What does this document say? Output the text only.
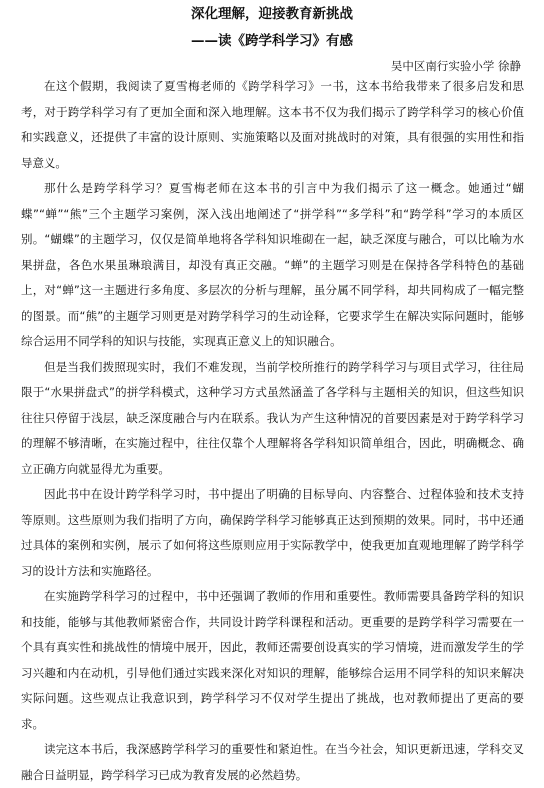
深化理解，迎接教育新挑战
——读《跨学科学习》有感
吴中区南行实验小学 徐静

在这个假期，我阅读了夏雪梅老师的《跨学科学习》一书，这本书给我带来了很多启发和思考，对于跨学科学习有了更加全面和深入地理解。这本书不仅为我们揭示了跨学科学习的核心价值和实践意义，还提供了丰富的设计原则、实施策略以及面对挑战时的对策，具有很强的实用性和指导意义。

那什么是跨学科学习？夏雪梅老师在这本书的引言中为我们揭示了这一概念。她通过“蝴蝶”“蝉”“熊”三个主题学习案例，深入浅出地阐述了“拼学科”“多学科”和“跨学科”学习的本质区别。“蝴蝶”的主题学习，仅仅是简单地将各学科知识堆砌在一起，缺乏深度与融合，可以比喻为水果拼盘，各色水果虽琳琅满目，却没有真正交融。“蝉”的主题学习则是在保持各学科特色的基础上，对“蝉”这一主题进行多角度、多层次的分析与理解，虽分属不同学科，却共同构成了一幅完整的图景。而“熊”的主题学习则更是对跨学科学习的生动诠释，它要求学生在解决实际问题时，能够综合运用不同学科的知识与技能，实现真正意义上的知识融合。

但是当我们拨照现实时，我们不难发现，当前学校所推行的跨学科学习与项目式学习，往往局限于“水果拼盘式”的拼学科模式，这种学习方式虽然涵盖了各学科与主题相关的知识，但这些知识往往只停留于浅层，缺乏深度融合与内在联系。我认为产生这种情况的首要因素是对于跨学科学习的理解不够清晰，在实施过程中，往往仅靠个人理解将各学科知识简单组合，因此，明确概念、确立正确方向就显得尤为重要。

因此书中在设计跨学科学习时，书中提出了明确的目标导向、内容整合、过程体验和技术支持等原则。这些原则为我们指明了方向，确保跨学科学习能够真正达到预期的效果。同时，书中还通过具体的案例和实例，展示了如何将这些原则应用于实际教学中，使我更加直观地理解了跨学科学习的设计方法和实施路径。

在实施跨学科学习的过程中，书中还强调了教师的作用和重要性。教师需要具备跨学科的知识和技能，能够与其他教师紧密合作，共同设计跨学科课程和活动。更重要的是跨学科学习需要在一个具有真实性和挑战性的情境中展开，因此，教师还需要创设真实的学习情境，进而激发学生的学习兴趣和内在动机，引导他们通过实践来深化对知识的理解，能够综合运用不同学科的知识来解决实际问题。这些观点让我意识到，跨学科学习不仅对学生提出了挑战，也对教师提出了更高的要求。

读完这本书后，我深感跨学科学习的重要性和紧迫性。在当今社会，知识更新迅速，学科交叉融合日益明显，跨学科学习已成为教育发展的必然趋势。
